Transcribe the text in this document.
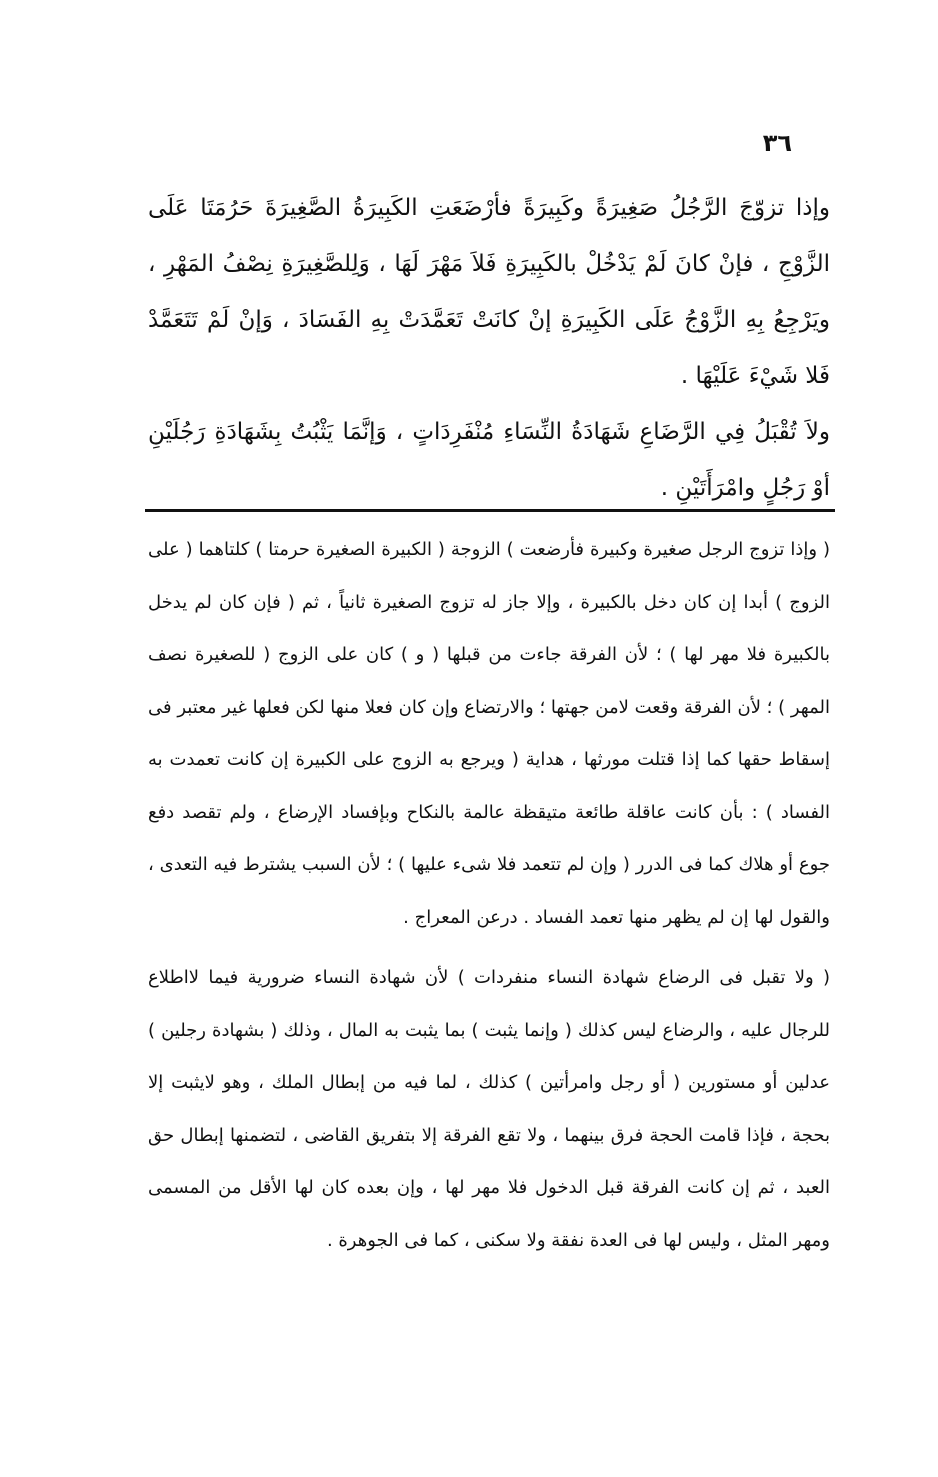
٣٦

وإذا تزوّجَ الرَّجُلُ صَغِيرَةً وكَبِيرَةً فأرْضَعَتِ الكَبِيرَةُ الصَّغِيرَةَ حَرُمَتَا عَلَى الزَّوْجِ ، فإنْ كانَ لَمْ يَدْخُلْ بالكَبِيرَةِ فَلاَ مَهْرَ لَهَا ، وَلِلصَّغِيرَةِ نِصْفُ المَهْرِ ، ويَرْجِعُ بِهِ الزَّوْجُ عَلَى الكَبِيرَةِ إنْ كانَتْ تَعَمَّدَتْ بِهِ الفَسَادَ ، وَإنْ لَمْ تَتَعَمَّدْ فَلا شَيْءَ عَلَيْهَا .

ولاَ تُقْبَلُ فِي الرَّضَاعِ شَهَادَةُ النِّسَاءِ مُنْفَرِدَاتٍ ، وَإنَّمَا يَثْبُتُ بِشَهَادَةِ رَجُلَيْنِ أوْ رَجُلٍ وامْرَأَتَيْنِ .

( وإذا تزوج الرجل صغيرة وكبيرة فأرضعت ) الزوجة ( الكبيرة الصغيرة حرمتا ) كلتاهما ( على الزوج ) أبدا إن كان دخل بالكبيرة ، وإلا جاز له تزوج الصغيرة ثانياً ، ثم ( فإن كان لم يدخل بالكبيرة فلا مهر لها ) ؛ لأن الفرقة جاءت من قبلها ( و ) كان على الزوج ( للصغيرة نصف المهر ) ؛ لأن الفرقة وقعت لامن جهتها ؛ والارتضاع وإن كان فعلا منها لكن فعلها غير معتبر فى إسقاط حقها كما إذا قتلت مورثها ، هداية ( ويرجع به الزوج على الكبيرة إن كانت تعمدت به الفساد ) : بأن كانت عاقلة طائعة متيقظة عالمة بالنكاح وبإفساد الإرضاع ، ولم تقصد دفع جوع أو هلاك كما فى الدرر ( وإن لم تتعمد فلا شىء عليها ) ؛ لأن السبب يشترط فيه التعدى ، والقول لها إن لم يظهر منها تعمد الفساد . درعن المعراج .

( ولا تقبل فى الرضاع شهادة النساء منفردات ) لأن شهادة النساء ضرورية فيما لااطلاع للرجال عليه ، والرضاع ليس كذلك ( وإنما يثبت ) بما يثبت به المال ، وذلك ( بشهادة رجلين ) عدلين أو مستورين ( أو رجل وامرأتين ) كذلك ، لما فيه من إبطال الملك ، وهو لايثبت إلا بحجة ، فإذا قامت الحجة فرق بينهما ، ولا تقع الفرقة إلا بتفريق القاضى ، لتضمنها إبطال حق العبد ، ثم إن كانت الفرقة قبل الدخول فلا مهر لها ، وإن بعده كان لها الأقل من المسمى ومهر المثل ، وليس لها فى العدة نفقة ولا سكنى ، كما فى الجوهرة .
